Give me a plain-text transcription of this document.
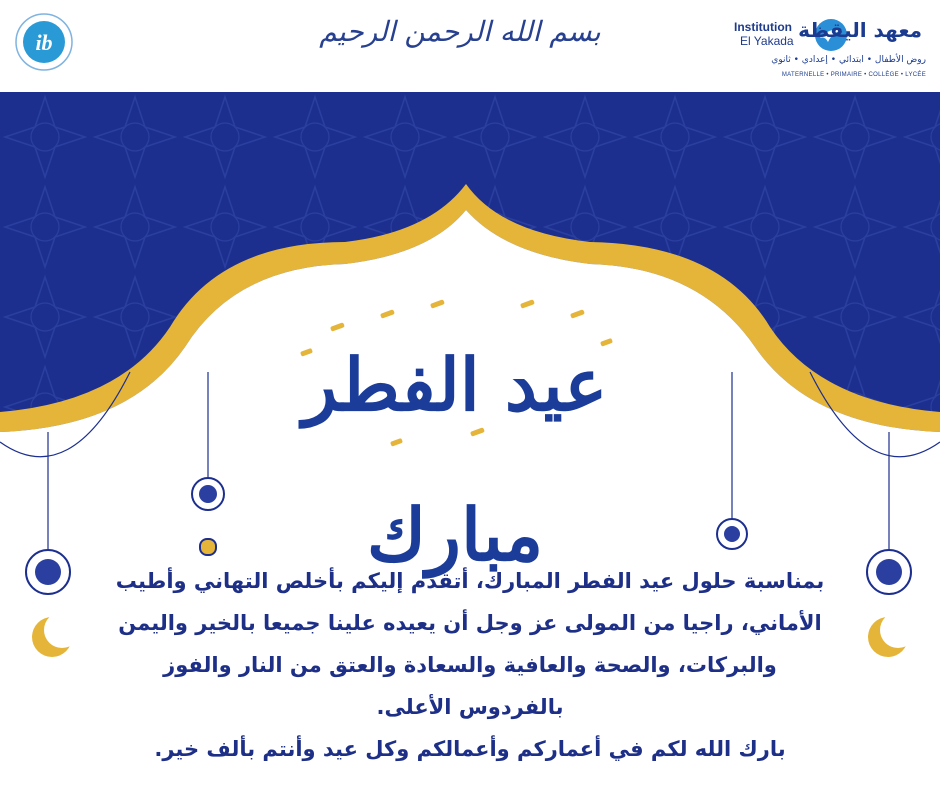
ib	بسم الله الرحمن الرحيم	Institution
El Yakada معهد اليقظة
روض الأطفال • ابتدائي • إعدادي • ثانوي
MATERNELLE • PRIMAIRE • COLLÈGE • LYCÉE
عيد الفطر مبارك

بمناسبة حلول عيد الفطر المبارك، أتقدم إليكم بأخلص التهاني وأطيب

الأماني، راجيا من المولى عز وجل أن يعيده علينا جميعا بالخير واليمن

والبركات، والصحة والعافية والسعادة والعتق من النار والفوز

بالفردوس الأعلى.

بارك الله لكم في أعماركم وأعمالكم وكل عيد وأنتم بألف خير.
